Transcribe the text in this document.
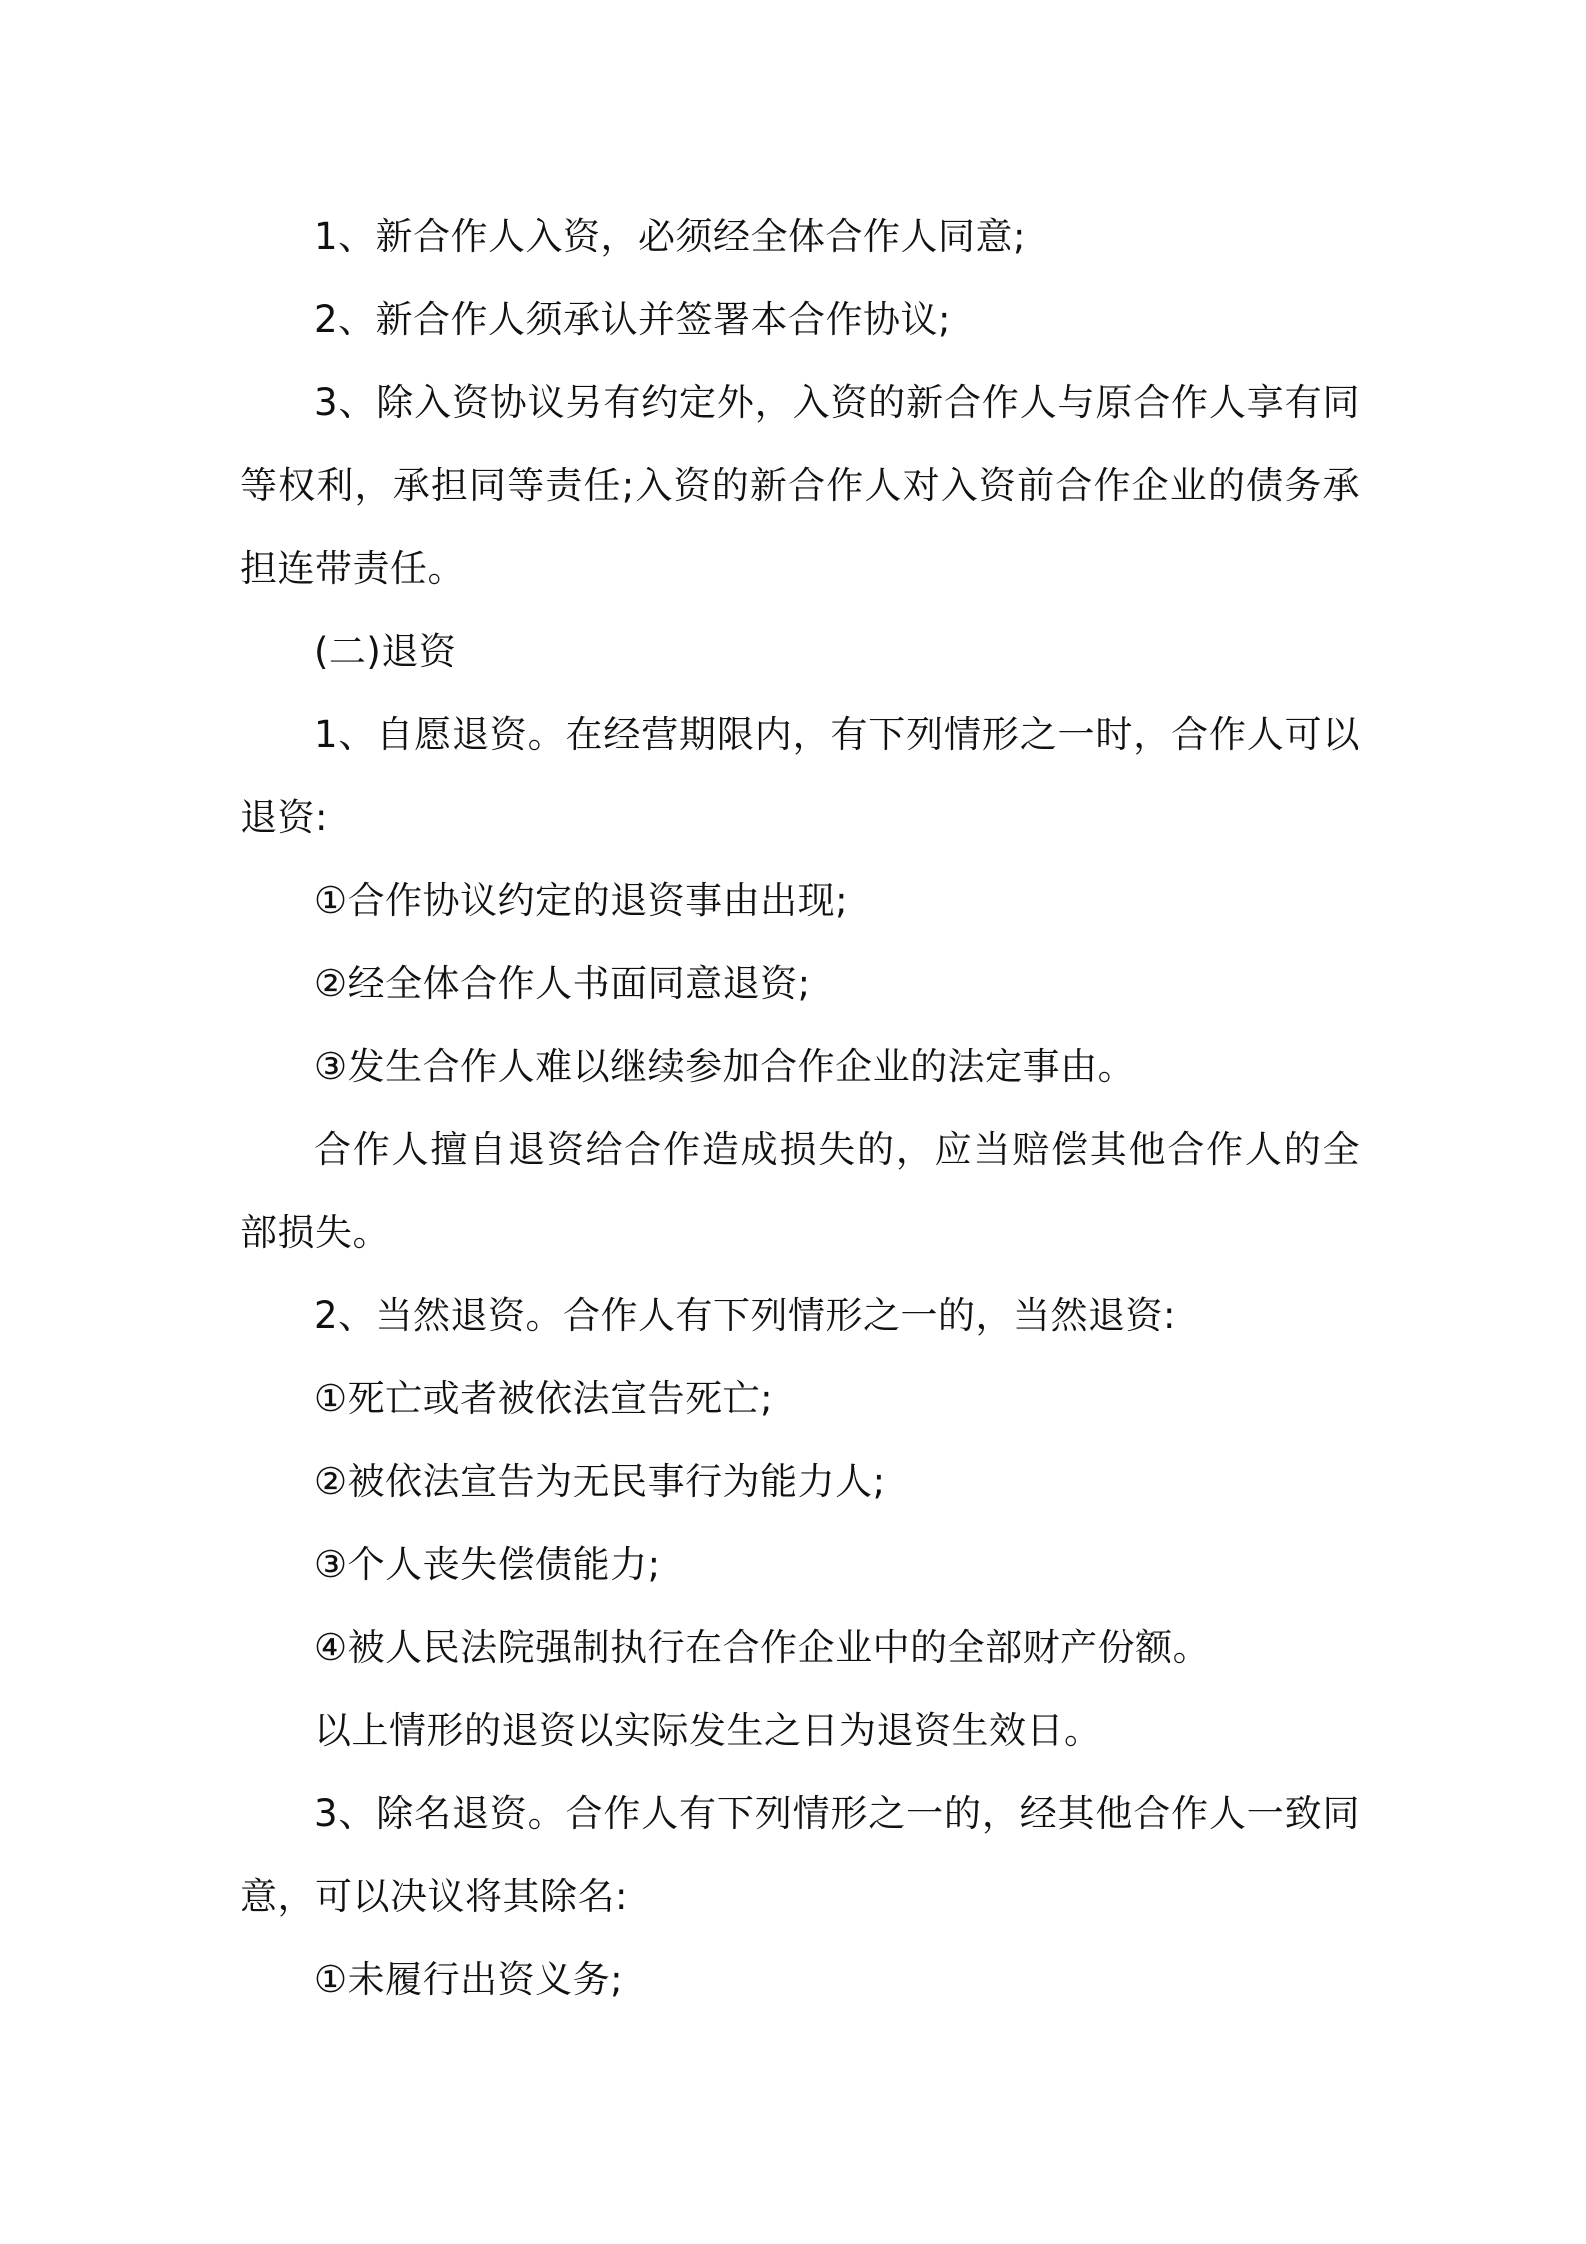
1、新合作人入资，必须经全体合作人同意;

2、新合作人须承认并签署本合作协议;

3、除入资协议另有约定外，入资的新合作人与原合作人享有同等权利，承担同等责任;入资的新合作人对入资前合作企业的债务承担连带责任。

(二)退资

1、自愿退资。在经营期限内，有下列情形之一时，合作人可以退资:

①合作协议约定的退资事由出现;

②经全体合作人书面同意退资;

③发生合作人难以继续参加合作企业的法定事由。

合作人擅自退资给合作造成损失的，应当赔偿其他合作人的全部损失。

2、当然退资。合作人有下列情形之一的，当然退资:

①死亡或者被依法宣告死亡;

②被依法宣告为无民事行为能力人;

③个人丧失偿债能力;

④被人民法院强制执行在合作企业中的全部财产份额。

以上情形的退资以实际发生之日为退资生效日。

3、除名退资。合作人有下列情形之一的，经其他合作人一致同意，可以决议将其除名:

①未履行出资义务;
